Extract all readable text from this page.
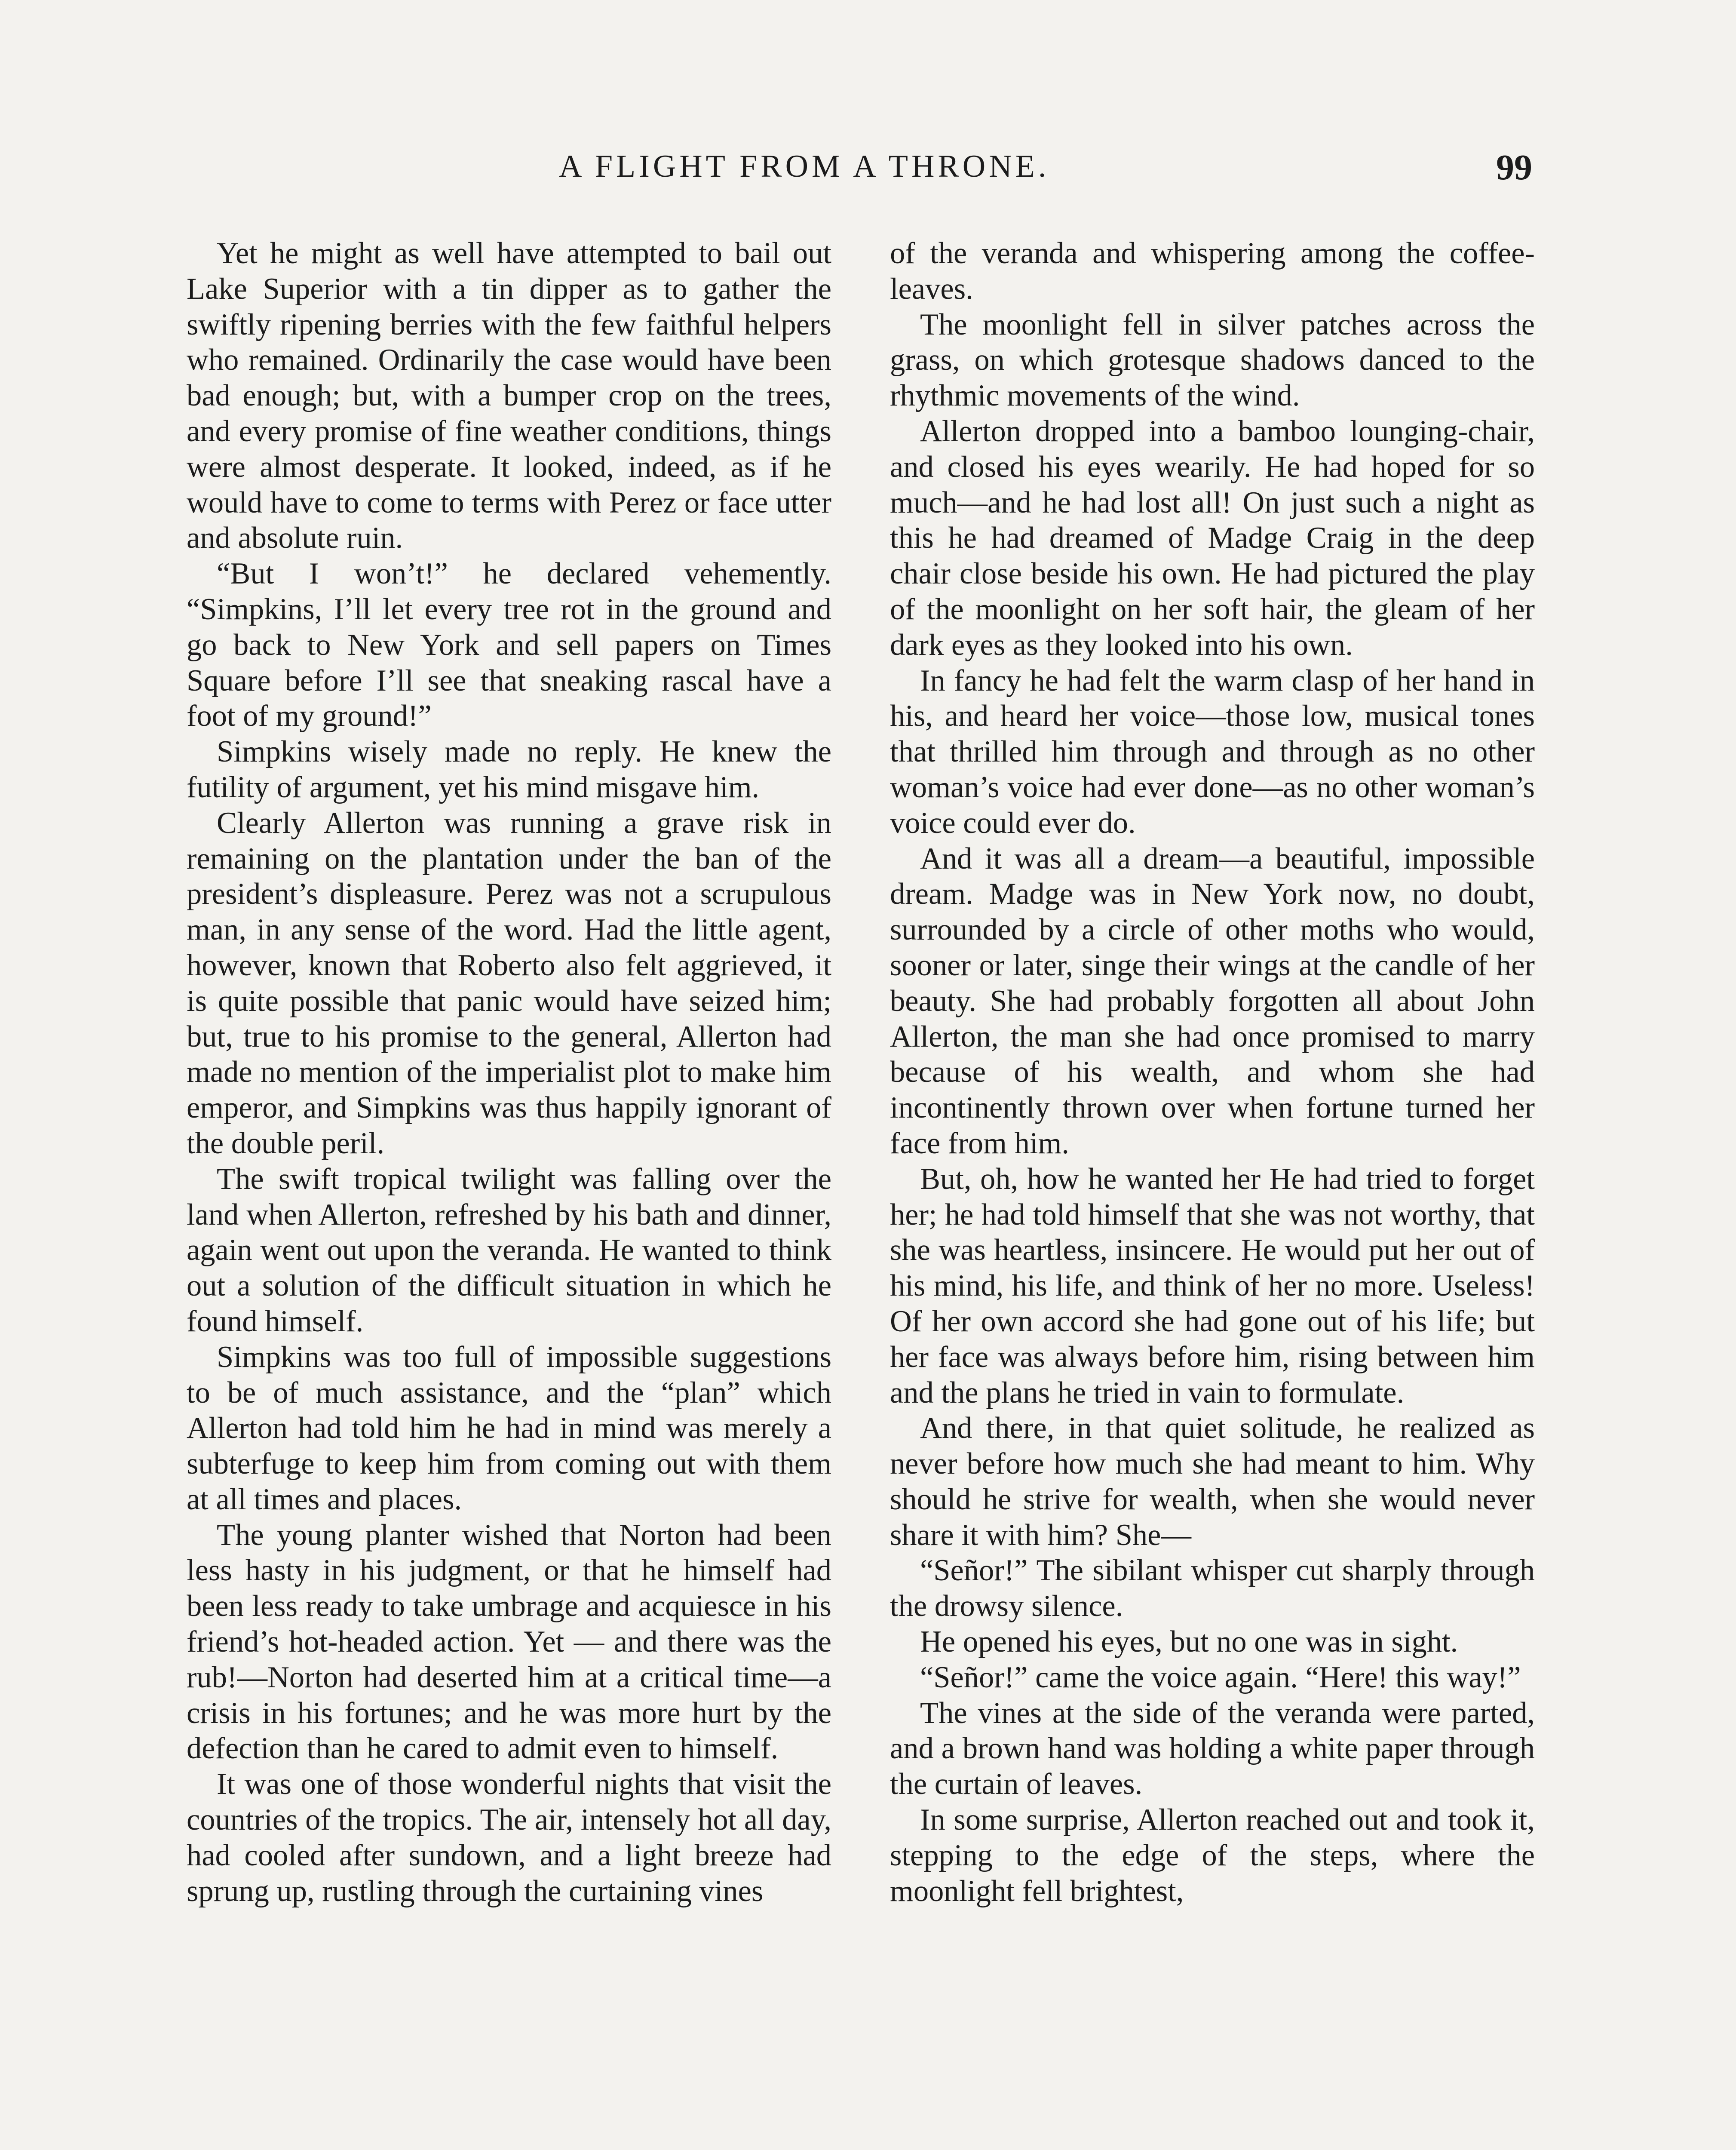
A FLIGHT FROM A THRONE.	99

Yet he might as well have attempted to bail out Lake Superior with a tin dipper as to gather the swiftly ripening berries with the few faithful helpers who remained. Ordinarily the case would have been bad enough; but, with a bumper crop on the trees, and every promise of fine weather conditions, things were almost desperate. It looked, indeed, as if he would have to come to terms with Perez or face utter and absolute ruin.

“But I won’t!” he declared vehemently. “Simpkins, I’ll let every tree rot in the ground and go back to New York and sell papers on Times Square before I’ll see that sneaking rascal have a foot of my ground!”

Simpkins wisely made no reply. He knew the futility of argument, yet his mind misgave him.

Clearly Allerton was running a grave risk in remaining on the plantation under the ban of the president’s displeasure. Perez was not a scrupulous man, in any sense of the word. Had the little agent, however, known that Roberto also felt aggrieved, it is quite possible that panic would have seized him; but, true to his promise to the general, Allerton had made no mention of the imperialist plot to make him emperor, and Simpkins was thus happily ignorant of the double peril.

The swift tropical twilight was falling over the land when Allerton, refreshed by his bath and dinner, again went out upon the veranda. He wanted to think out a solution of the difficult situation in which he found himself.

Simpkins was too full of impossible suggestions to be of much assistance, and the “plan” which Allerton had told him he had in mind was merely a subterfuge to keep him from coming out with them at all times and places.

The young planter wished that Norton had been less hasty in his judgment, or that he himself had been less ready to take umbrage and acquiesce in his friend’s hot-headed action. Yet — and there was the rub!—Norton had deserted him at a critical time—a crisis in his fortunes; and he was more hurt by the defection than he cared to admit even to himself.

It was one of those wonderful nights that visit the countries of the tropics. The air, intensely hot all day, had cooled after sundown, and a light breeze had sprung up, rustling through the curtaining vines

of the veranda and whispering among the coffee-leaves.

The moonlight fell in silver patches across the grass, on which grotesque shadows danced to the rhythmic movements of the wind.

Allerton dropped into a bamboo lounging-chair, and closed his eyes wearily. He had hoped for so much—and he had lost all! On just such a night as this he had dreamed of Madge Craig in the deep chair close beside his own. He had pictured the play of the moonlight on her soft hair, the gleam of her dark eyes as they looked into his own.

In fancy he had felt the warm clasp of her hand in his, and heard her voice—those low, musical tones that thrilled him through and through as no other woman’s voice had ever done—as no other woman’s voice could ever do.

And it was all a dream—a beautiful, impossible dream. Madge was in New York now, no doubt, surrounded by a circle of other moths who would, sooner or later, singe their wings at the candle of her beauty. She had probably forgotten all about John Allerton, the man she had once promised to marry because of his wealth, and whom she had incontinently thrown over when fortune turned her face from him.

But, oh, how he wanted her He had tried to forget her; he had told himself that she was not worthy, that she was heartless, insincere. He would put her out of his mind, his life, and think of her no more. Useless! Of her own accord she had gone out of his life; but her face was always before him, rising between him and the plans he tried in vain to formulate.

And there, in that quiet solitude, he realized as never before how much she had meant to him. Why should he strive for wealth, when she would never share it with him? She—

“Señor!” The sibilant whisper cut sharply through the drowsy silence.

He opened his eyes, but no one was in sight.

“Señor!” came the voice again. “Here! this way!”

The vines at the side of the veranda were parted, and a brown hand was holding a white paper through the curtain of leaves.

In some surprise, Allerton reached out and took it, stepping to the edge of the steps, where the moonlight fell brightest,
